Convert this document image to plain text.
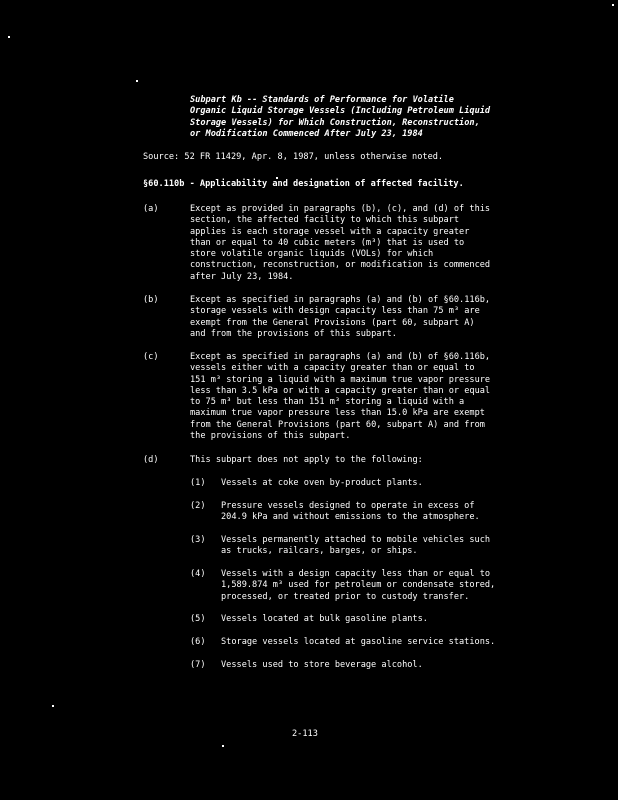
Subpart Kb -- Standards of Performance for Volatile
Organic Liquid Storage Vessels (Including Petroleum Liquid
Storage Vessels) for Which Construction, Reconstruction,
or Modification Commenced After July 23, 1984
Source: 52 FR 11429, Apr. 8, 1987, unless otherwise noted.
§60.110b - Applicability and designation of affected facility.
(a)	Except as provided in paragraphs (b), (c), and (d) of this
section, the affected facility to which this subpart
applies is each storage vessel with a capacity greater
than or equal to 40 cubic meters (m³) that is used to
store volatile organic liquids (VOLs) for which
construction, reconstruction, or modification is commenced
after July 23, 1984.
(b)	Except as specified in paragraphs (a) and (b) of §60.116b,
storage vessels with design capacity less than 75 m³ are
exempt from the General Provisions (part 60, subpart A)
and from the provisions of this subpart.
(c)	Except as specified in paragraphs (a) and (b) of §60.116b,
vessels either with a capacity greater than or equal to
151 m³ storing a liquid with a maximum true vapor pressure
less than 3.5 kPa or with a capacity greater than or equal
to 75 m³ but less than 151 m³ storing a liquid with a
maximum true vapor pressure less than 15.0 kPa are exempt
from the General Provisions (part 60, subpart A) and from
the provisions of this subpart.
(d)	This subpart does not apply to the following:
(1) Vessels at coke oven by-product plants.
(2) Pressure vessels designed to operate in excess of
204.9 kPa and without emissions to the atmosphere.
(3) Vessels permanently attached to mobile vehicles such
as trucks, railcars, barges, or ships.
(4) Vessels with a design capacity less than or equal to
1,589.874 m³ used for petroleum or condensate stored,
processed, or treated prior to custody transfer.
(5) Vessels located at bulk gasoline plants.
(6) Storage vessels located at gasoline service stations.
(7) Vessels used to store beverage alcohol.
2-113
